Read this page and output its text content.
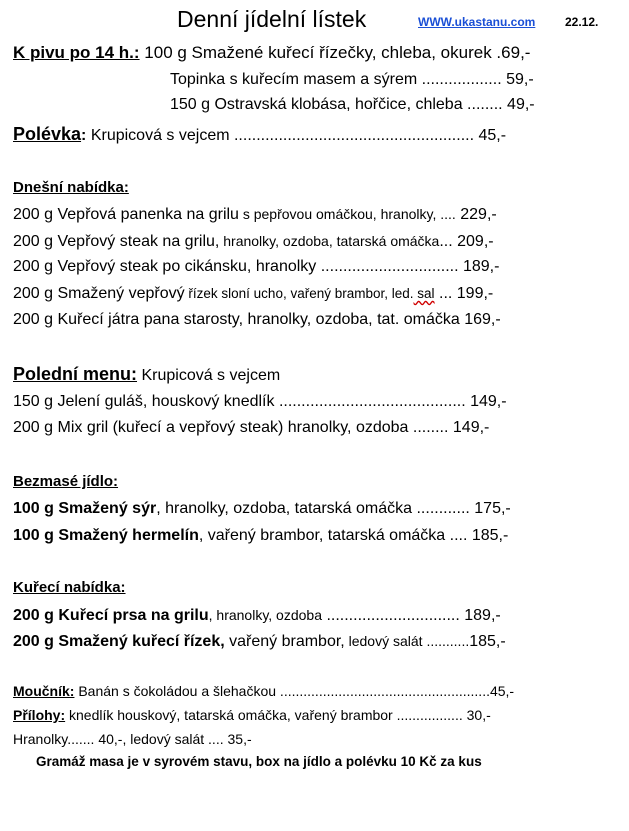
Denní jídelní lístek	WWW.ukastanu.com 22.12.
K pivu po 14 h.: 100 g Smažené kuřecí řízečky, chleba, okurek .69,-
Topinka s kuřecím masem a sýrem .................. 59,-
150 g Ostravská klobása, hořčice, chleba ........ 49,-
Polévka: Krupicová s vejcem ...................................................... 45,-
Dnešní nabídka:
200 g Vepřová panenka na grilu s pepřovou omáčkou, hranolky, .... 229,-
200 g Vepřový steak na grilu, hranolky, ozdoba, tatarská omáčka... 209,-
200 g Vepřový steak po cikánsku, hranolky ............................... 189,-
200 g Smažený vepřový řízek sloní ucho, vařený brambor, led. sal ... 199,-
200 g Kuřecí játra pana starosty, hranolky, ozdoba, tat. omáčka 169,-
Polední menu: Krupicová s vejcem
150 g Jelení guláš, houskový knedlík .......................................... 149,-
200 g Mix gril (kuřecí a vepřový steak) hranolky, ozdoba ........ 149,-
Bezmasé jídlo:
100 g Smažený sýr, hranolky, ozdoba, tatarská omáčka ............ 175,-
100 g Smažený hermelín, vařený brambor, tatarská omáčka .... 185,-
Kuřecí nabídka:
200 g Kuřecí prsa na grilu, hranolky, ozdoba .............................. 189,-
200 g Smažený kuřecí řízek, vařený brambor, ledový salát ...........185,-
Moučník: Banán s čokoládou a šlehačkou ......................................................45,-
Přílohy: knedlík houskový, tatarská omáčka, vařený brambor ................. 30,-
Hranolky....... 40,-, ledový salát .... 35,-
Gramáž masa je v syrovém stavu, box na jídlo a polévku 10 Kč za kus
